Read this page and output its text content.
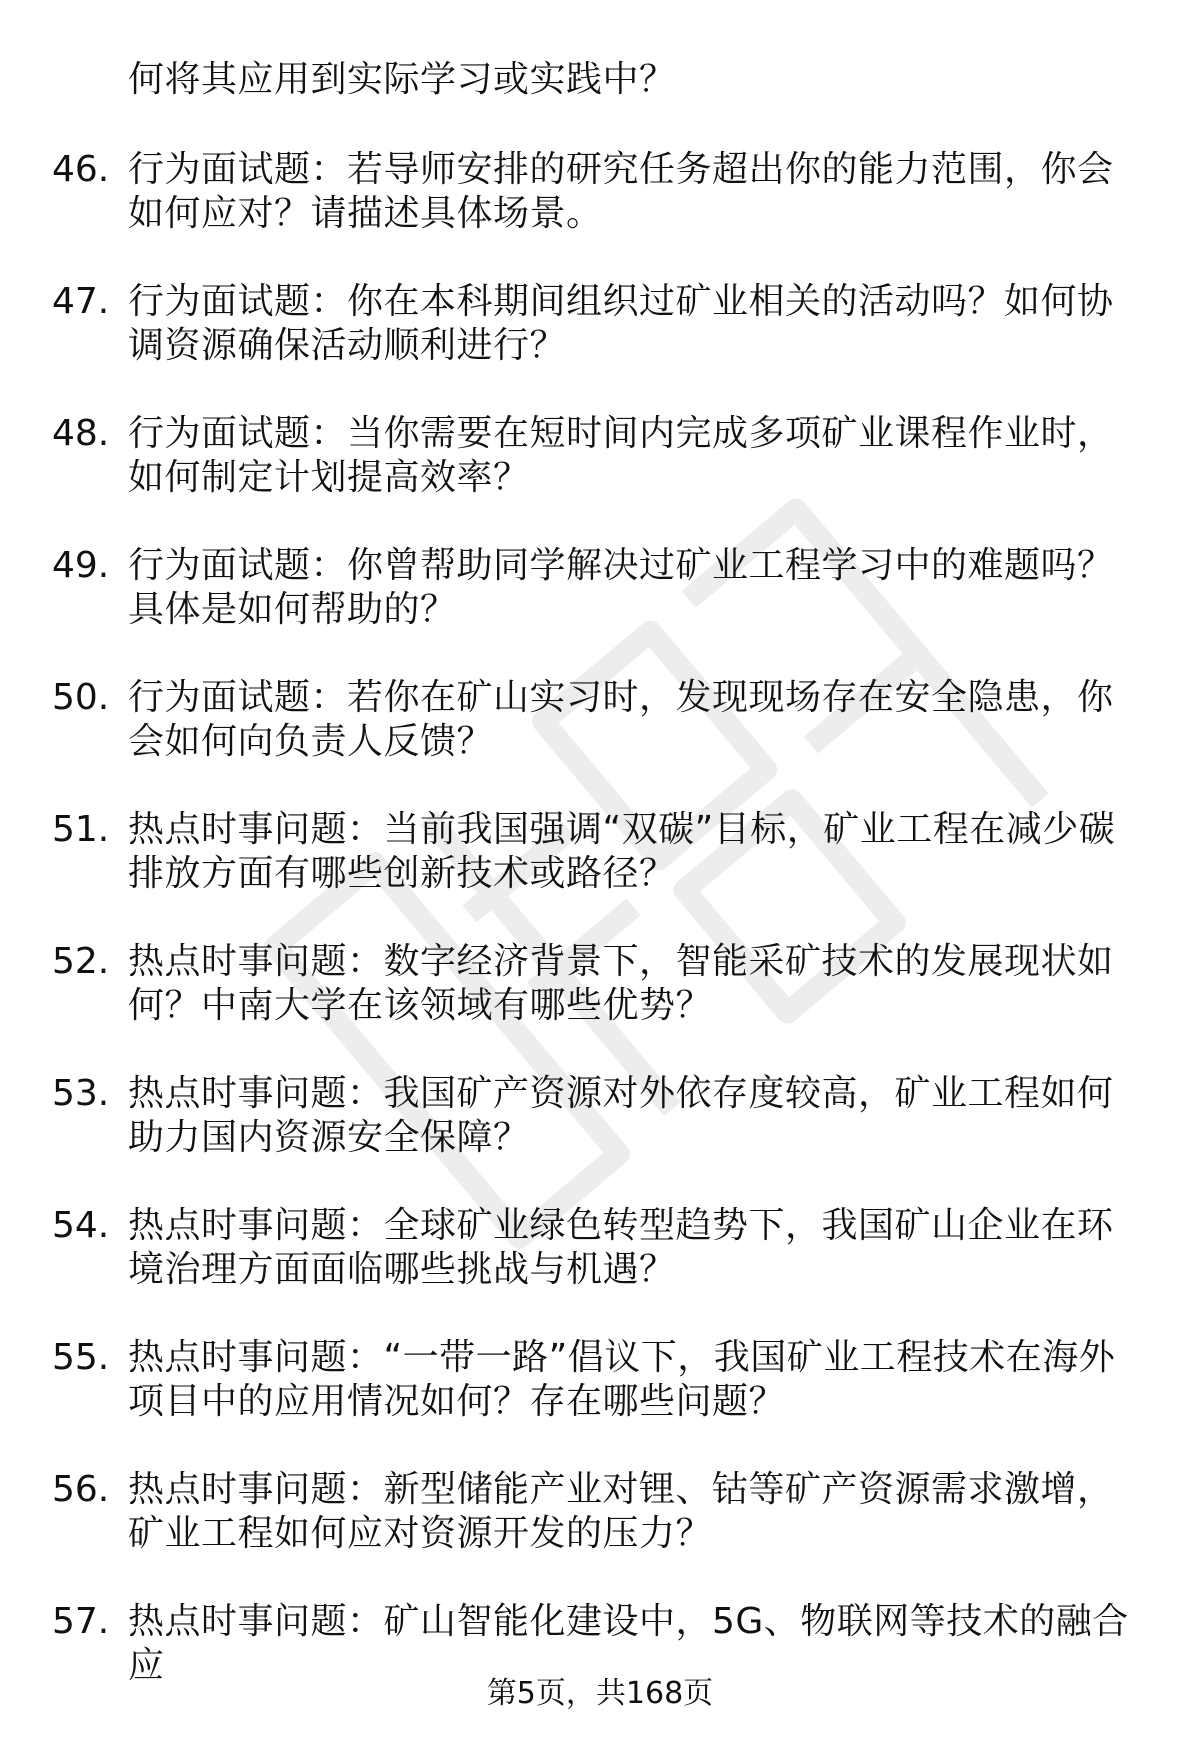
何将其应用到实际学习或实践中？
46. 行为面试题：若导师安排的研究任务超出你的能力范围，你会如何应对？请描述具体场景。
47. 行为面试题：你在本科期间组织过矿业相关的活动吗？如何协调资源确保活动顺利进行？
48. 行为面试题：当你需要在短时间内完成多项矿业课程作业时，如何制定计划提高效率？
49. 行为面试题：你曾帮助同学解决过矿业工程学习中的难题吗？具体是如何帮助的？
50. 行为面试题：若你在矿山实习时，发现现场存在安全隐患，你会如何向负责人反馈？
51. 热点时事问题：当前我国强调“双碳”目标，矿业工程在减少碳排放方面有哪些创新技术或路径？
52. 热点时事问题：数字经济背景下，智能采矿技术的发展现状如何？中南大学在该领域有哪些优势？
53. 热点时事问题：我国矿产资源对外依存度较高，矿业工程如何助力国内资源安全保障？
54. 热点时事问题：全球矿业绿色转型趋势下，我国矿山企业在环境治理方面面临哪些挑战与机遇？
55. 热点时事问题：“一带一路”倡议下，我国矿业工程技术在海外项目中的应用情况如何？存在哪些问题？
56. 热点时事问题：新型储能产业对锂、钴等矿产资源需求激增，矿业工程如何应对资源开发的压力？
57. 热点时事问题：矿山智能化建设中，5G、物联网等技术的融合应
第5页，共168页
